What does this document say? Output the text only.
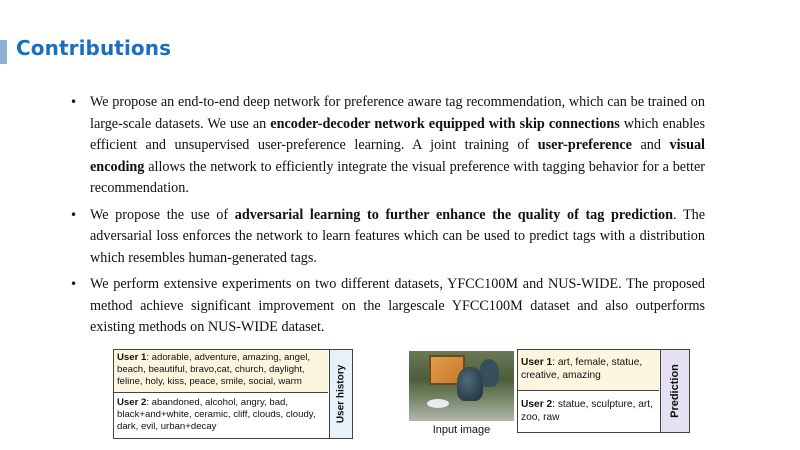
Contributions
• We propose an end-to-end deep network for preference aware tag recommendation, which can be trained on large-scale datasets. We use an encoder-decoder network equipped with skip connections which enables efficient and unsupervised user-preference learning. A joint training of user-preference and visual encoding allows the network to efficiently integrate the visual preference with tagging behavior for a better recommendation.
• We propose the use of adversarial learning to further enhance the quality of tag prediction. The adversarial loss enforces the network to learn features which can be used to predict tags with a distribution which resembles human-generated tags.
• We perform extensive experiments on two different datasets, YFCC100M and NUS-WIDE. The proposed method achieve significant improvement on the largescale YFCC100M dataset and also outperforms existing methods on NUS-WIDE dataset.
User 1: adorable, adventure, amazing, angel, beach, beautiful, bravo,cat, church, daylight, feline, holy, kiss, peace, smile, social, warm
User 2: abandoned, alcohol, angry, bad, black+and+white, ceramic, cliff, clouds, cloudy, dark, evil, urban+decay
User history
Input image
User 1: art, female, statue, creative, amazing
User 2: statue, sculpture, art, zoo, raw	Prediction
